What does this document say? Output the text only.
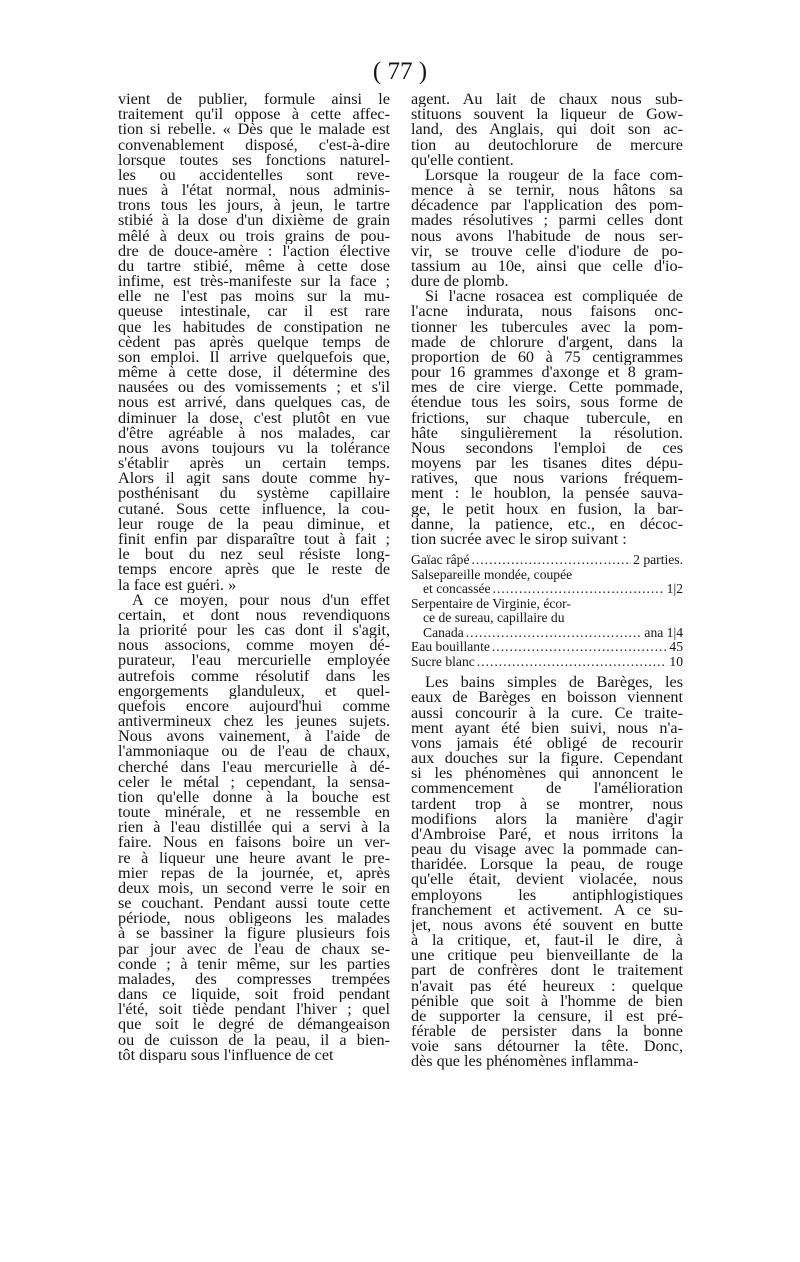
( 77 )
vient de publier, formule ainsi le
traitement qu'il oppose à cette affec-
tion si rebelle. « Dès que le malade est
convenablement disposé, c'est-à-dire
lorsque toutes ses fonctions naturel-
les ou accidentelles sont reve-
nues à l'état normal, nous adminis-
trons tous les jours, à jeun, le tartre
stibié à la dose d'un dixième de grain
mêlé à deux ou trois grains de pou-
dre de douce-amère : l'action élective
du tartre stibié, même à cette dose
infime, est très-manifeste sur la face ;
elle ne l'est pas moins sur la mu-
queuse intestinale, car il est rare
que les habitudes de constipation ne
cèdent pas après quelque temps de
son emploi. Il arrive quelquefois que,
même à cette dose, il détermine des
nausées ou des vomissements ; et s'il
nous est arrivé, dans quelques cas, de
diminuer la dose, c'est plutôt en vue
d'être agréable à nos malades, car
nous avons toujours vu la tolérance
s'établir après un certain temps.
Alors il agit sans doute comme hy-
posthénisant du système capillaire
cutané. Sous cette influence, la cou-
leur rouge de la peau diminue, et
finit enfin par disparaître tout à fait ;
le bout du nez seul résiste long-
temps encore après que le reste de
la face est guéri. »
A ce moyen, pour nous d'un effet
certain, et dont nous revendiquons
la priorité pour les cas dont il s'agit,
nous associons, comme moyen dé-
purateur, l'eau mercurielle employée
autrefois comme résolutif dans les
engorgements glanduleux, et quel-
quefois encore aujourd'hui comme
antivermineux chez les jeunes sujets.
Nous avons vainement, à l'aide de
l'ammoniaque ou de l'eau de chaux,
cherché dans l'eau mercurielle à dé-
celer le métal ; cependant, la sensa-
tion qu'elle donne à la bouche est
toute minérale, et ne ressemble en
rien à l'eau distillée qui a servi à la
faire. Nous en faisons boire un ver-
re à liqueur une heure avant le pre-
mier repas de la journée, et, après
deux mois, un second verre le soir en
se couchant. Pendant aussi toute cette
période, nous obligeons les malades
à se bassiner la figure plusieurs fois
par jour avec de l'eau de chaux se-
conde ; à tenir même, sur les parties
malades, des compresses trempées
dans ce liquide, soit froid pendant
l'été, soit tiède pendant l'hiver ; quel
que soit le degré de démangeaison
ou de cuisson de la peau, il a bien-
tôt disparu sous l'influence de cet
agent. Au lait de chaux nous sub-
stituons souvent la liqueur de Gow-
land, des Anglais, qui doit son ac-
tion au deutochlorure de mercure
qu'elle contient.
Lorsque la rougeur de la face com-
mence à se ternir, nous hâtons sa
décadence par l'application des pom-
mades résolutives ; parmi celles dont
nous avons l'habitude de nous ser-
vir, se trouve celle d'iodure de po-
tassium au 10e, ainsi que celle d'io-
dure de plomb.
Si l'acne rosacea est compliquée de
l'acne indurata, nous faisons onc-
tionner les tubercules avec la pom-
made de chlorure d'argent, dans la
proportion de 60 à 75 centigrammes
pour 16 grammes d'axonge et 8 gram-
mes de cire vierge. Cette pommade,
étendue tous les soirs, sous forme de
frictions, sur chaque tubercule, en
hâte singulièrement la résolution.
Nous secondons l'emploi de ces
moyens par les tisanes dites dépu-
ratives, que nous varions fréquem-
ment : le houblon, la pensée sauva-
ge, le petit houx en fusion, la bar-
danne, la patience, etc., en décoc-
tion sucrée avec le sirop suivant :
Gaïac râpé .....	2 parties.
Salsepareille mondée, coupée
et concassée .....	1|2
Serpentaire de Virginie, écor-
ce de sureau, capillaire du
Canada .....	ana 1|4
Eau bouillante .....	45
Sucre blanc .....	10
Les bains simples de Barèges, les
eaux de Barèges en boisson viennent
aussi concourir à la cure. Ce traite-
ment ayant été bien suivi, nous n'a-
vons jamais été obligé de recourir
aux douches sur la figure. Cependant
si les phénomènes qui annoncent le
commencement de l'amélioration
tardent trop à se montrer, nous
modifions alors la manière d'agir
d'Ambroise Paré, et nous irritons la
peau du visage avec la pommade can-
tharidée. Lorsque la peau, de rouge
qu'elle était, devient violacée, nous
employons les antiphlogistiques
franchement et activement. A ce su-
jet, nous avons été souvent en butte
à la critique, et, faut-il le dire, à
une critique peu bienveillante de la
part de confrères dont le traitement
n'avait pas été heureux : quelque
pénible que soit à l'homme de bien
de supporter la censure, il est pré-
férable de persister dans la bonne
voie sans détourner la tête. Donc,
dès que les phénomènes inflamma-
